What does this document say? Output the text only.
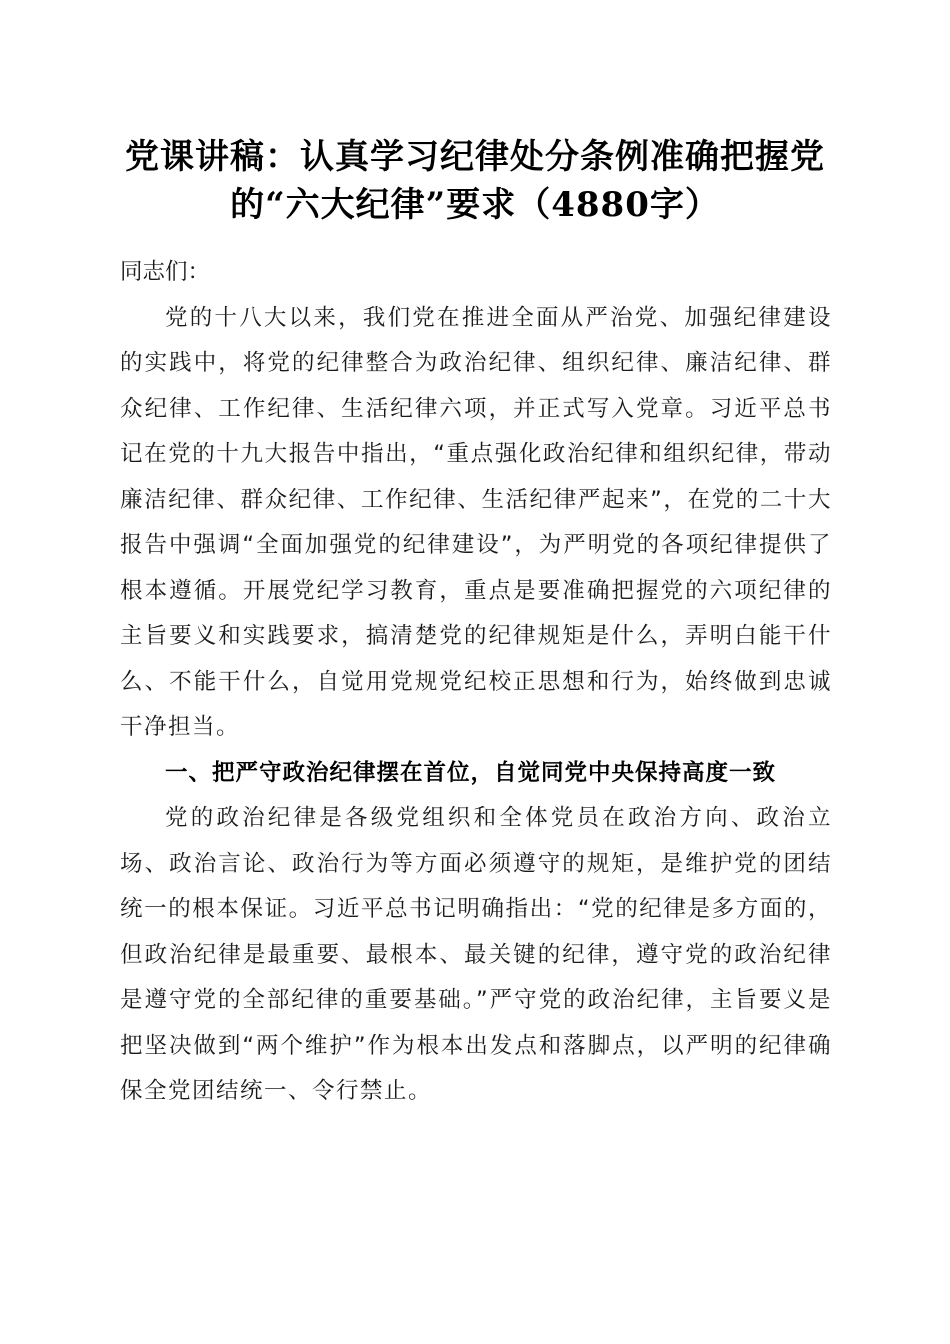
党课讲稿：认真学习纪律处分条例准确把握党
的“六大纪律”要求（4880字）

同志们：

党的十八大以来，我们党在推进全面从严治党、加强纪律建设的实践中，将党的纪律整合为政治纪律、组织纪律、廉洁纪律、群众纪律、工作纪律、生活纪律六项，并正式写入党章。习近平总书记在党的十九大报告中指出，“重点强化政治纪律和组织纪律，带动廉洁纪律、群众纪律、工作纪律、生活纪律严起来”，在党的二十大报告中强调“全面加强党的纪律建设”，为严明党的各项纪律提供了根本遵循。开展党纪学习教育，重点是要准确把握党的六项纪律的主旨要义和实践要求，搞清楚党的纪律规矩是什么，弄明白能干什么、不能干什么，自觉用党规党纪校正思想和行为，始终做到忠诚干净担当。

一、把严守政治纪律摆在首位，自觉同党中央保持高度一致

党的政治纪律是各级党组织和全体党员在政治方向、政治立场、政治言论、政治行为等方面必须遵守的规矩，是维护党的团结统一的根本保证。习近平总书记明确指出：“党的纪律是多方面的，但政治纪律是最重要、最根本、最关键的纪律，遵守党的政治纪律是遵守党的全部纪律的重要基础。”严守党的政治纪律，主旨要义是把坚决做到“两个维护”作为根本出发点和落脚点，以严明的纪律确保全党团结统一、令行禁止。
